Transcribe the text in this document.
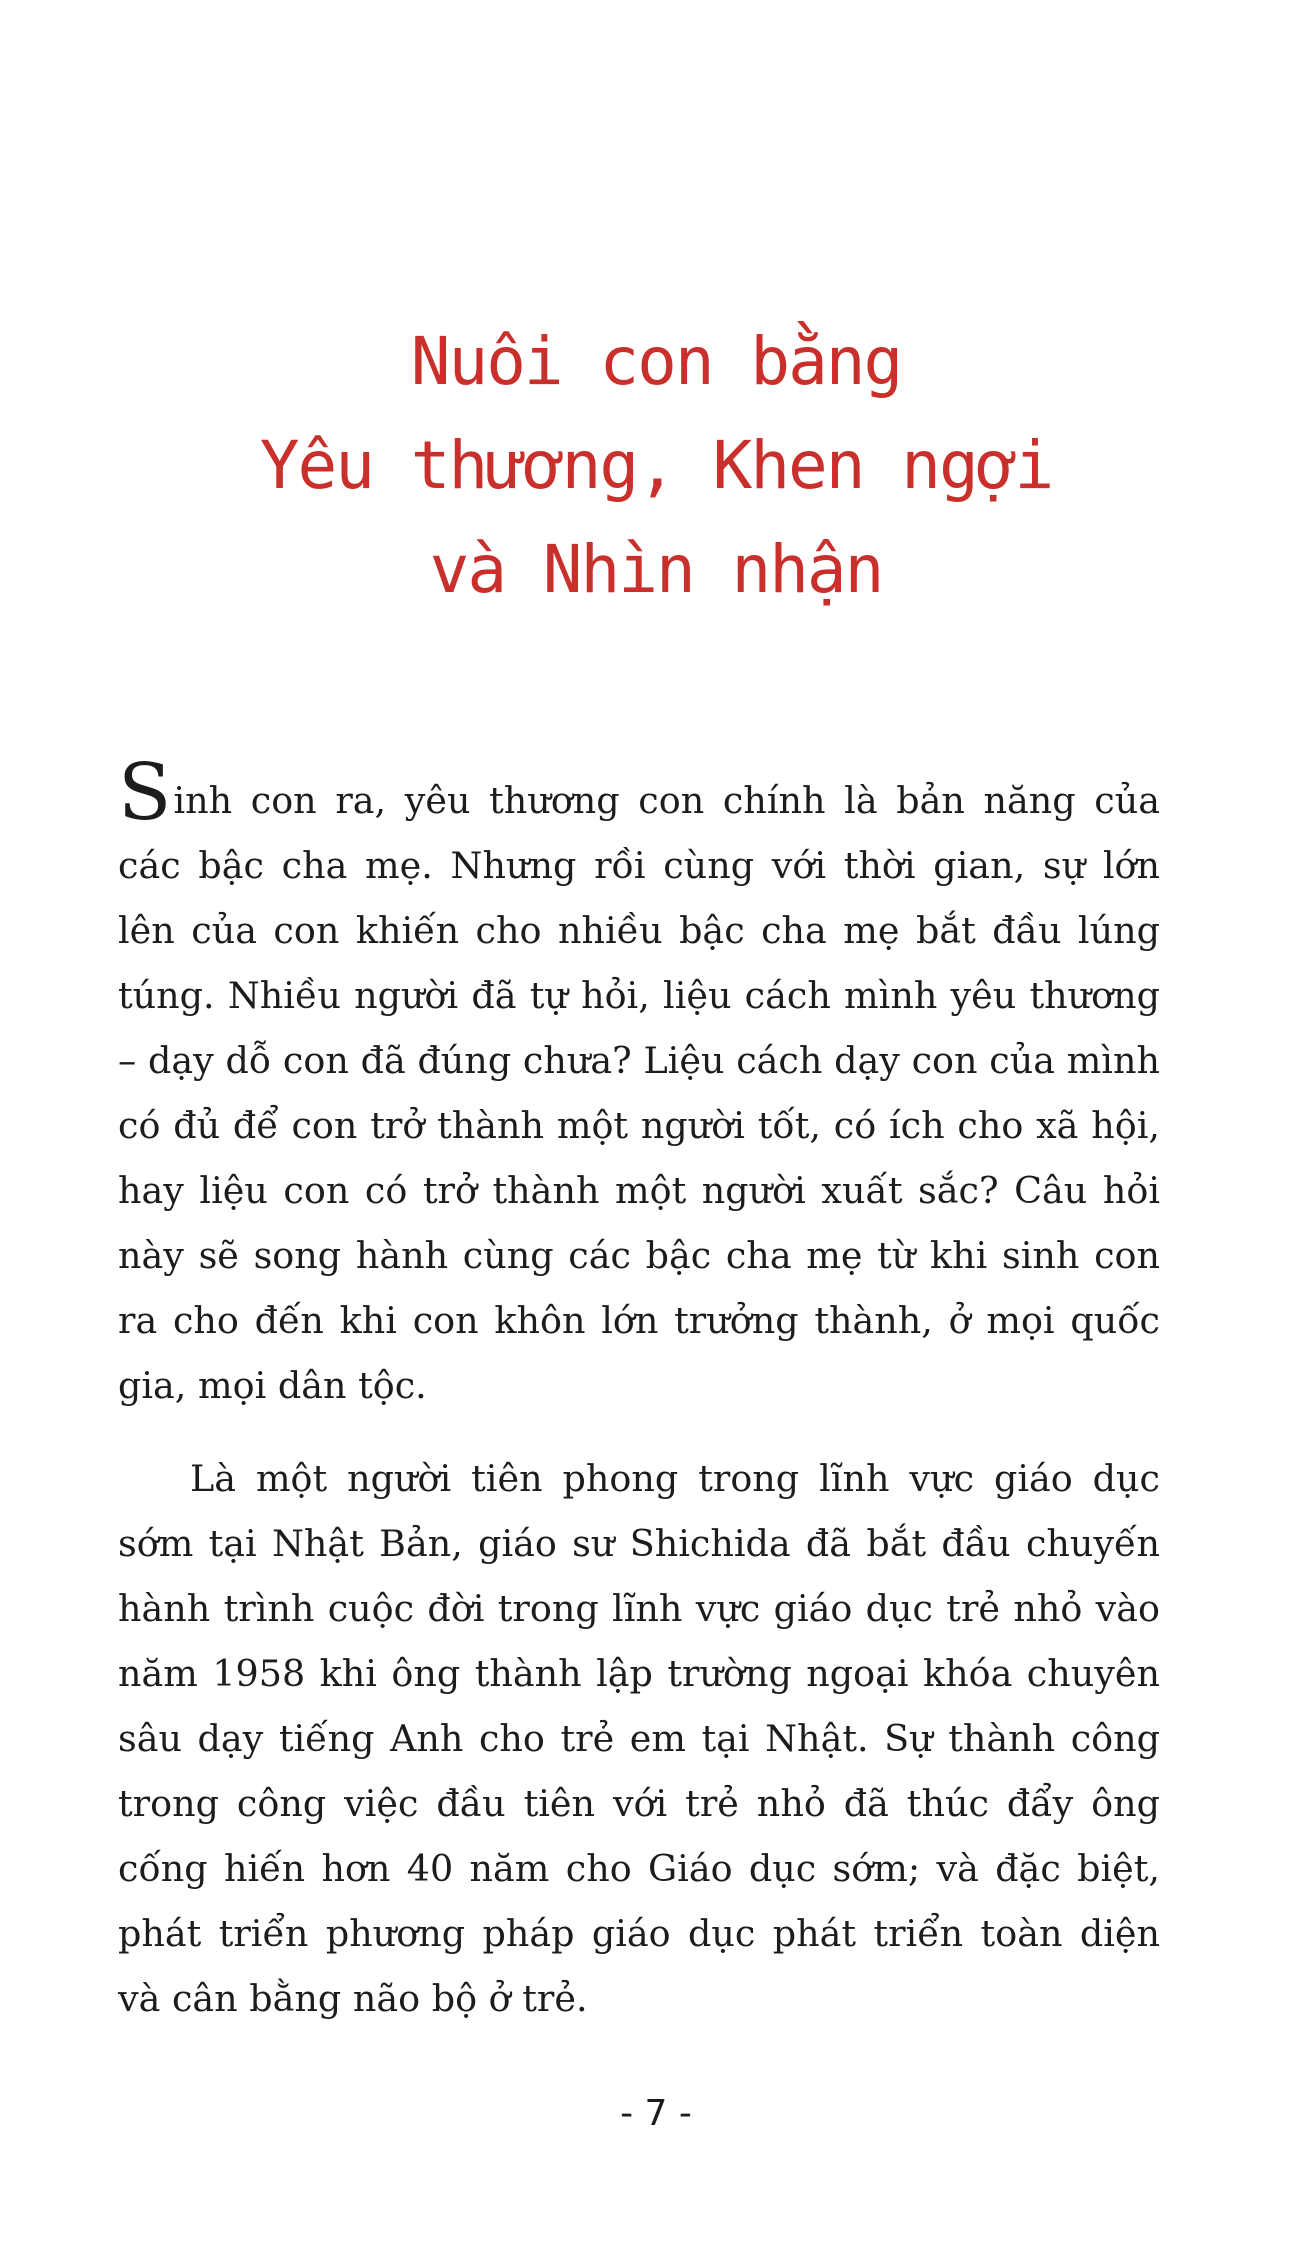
Nuôi con bằng
Yêu thương, Khen ngợi
và Nhìn nhận

Sinh con ra, yêu thương con chính là bản năng của các bậc cha mẹ. Nhưng rồi cùng với thời gian, sự lớn lên của con khiến cho nhiều bậc cha mẹ bắt đầu lúng túng. Nhiều người đã tự hỏi, liệu cách mình yêu thương – dạy dỗ con đã đúng chưa? Liệu cách dạy con của mình có đủ để con trở thành một người tốt, có ích cho xã hội, hay liệu con có trở thành một người xuất sắc? Câu hỏi này sẽ song hành cùng các bậc cha mẹ từ khi sinh con ra cho đến khi con khôn lớn trưởng thành, ở mọi quốc gia, mọi dân tộc.

Là một người tiên phong trong lĩnh vực giáo dục sớm tại Nhật Bản, giáo sư Shichida đã bắt đầu chuyến hành trình cuộc đời trong lĩnh vực giáo dục trẻ nhỏ vào năm 1958 khi ông thành lập trường ngoại khóa chuyên sâu dạy tiếng Anh cho trẻ em tại Nhật. Sự thành công trong công việc đầu tiên với trẻ nhỏ đã thúc đẩy ông cống hiến hơn 40 năm cho Giáo dục sớm; và đặc biệt, phát triển phương pháp giáo dục phát triển toàn diện và cân bằng não bộ ở trẻ.

- 7 -
